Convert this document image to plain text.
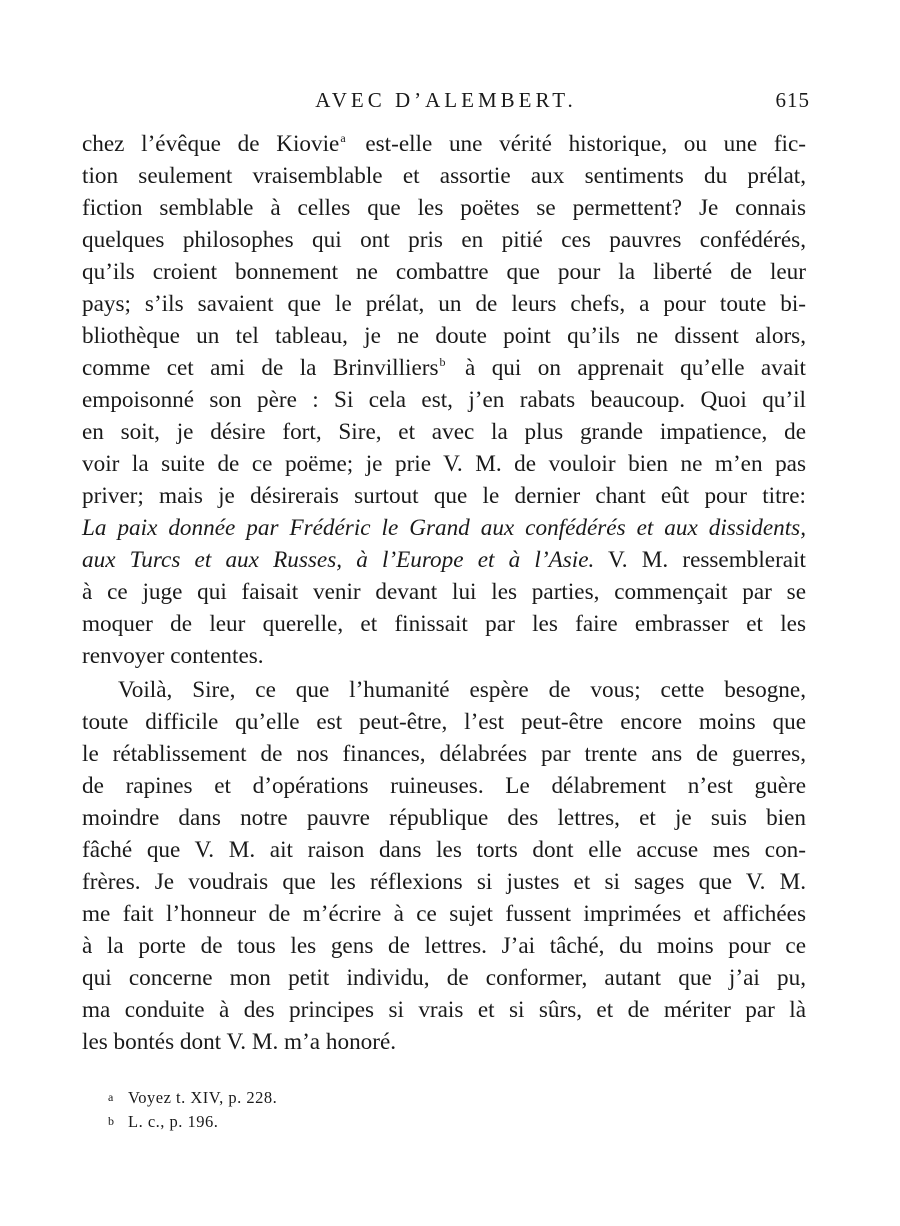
AVEC D’ALEMBERT.	615
chez l’évêque de Kiovie$^a$ est-elle une vérité historique, ou une fic-
tion seulement vraisemblable et assortie aux sentiments du prélat,
fiction semblable à celles que les poëtes se permettent? Je connais
quelques philosophes qui ont pris en pitié ces pauvres confédérés,
qu’ils croient bonnement ne combattre que pour la liberté de leur
pays; s’ils savaient que le prélat, un de leurs chefs, a pour toute bi-
bliothèque un tel tableau, je ne doute point qu’ils ne dissent alors,
comme cet ami de la Brinvilliers$^b$ à qui on apprenait qu’elle avait
empoisonné son père : Si cela est, j’en rabats beaucoup. Quoi qu’il
en soit, je désire fort, Sire, et avec la plus grande impatience, de
voir la suite de ce poëme; je prie V. M. de vouloir bien ne m’en pas
priver; mais je désirerais surtout que le dernier chant eût pour titre:
La paix donnée par Frédéric le Grand aux confédérés et aux dissidents,
aux Turcs et aux Russes, à l’Europe et à l’Asie. V. M. ressemblerait
à ce juge qui faisait venir devant lui les parties, commençait par se
moquer de leur querelle, et finissait par les faire embrasser et les
renvoyer contentes.
Voilà, Sire, ce que l’humanité espère de vous; cette besogne,
toute difficile qu’elle est peut-être, l’est peut-être encore moins que
le rétablissement de nos finances, délabrées par trente ans de guerres,
de rapines et d’opérations ruineuses. Le délabrement n’est guère
moindre dans notre pauvre république des lettres, et je suis bien
fâché que V. M. ait raison dans les torts dont elle accuse mes con-
frères. Je voudrais que les réflexions si justes et si sages que V. M.
me fait l’honneur de m’écrire à ce sujet fussent imprimées et affichées
à la porte de tous les gens de lettres. J’ai tâché, du moins pour ce
qui concerne mon petit individu, de conformer, autant que j’ai pu,
ma conduite à des principes si vrais et si sûrs, et de mériter par là
les bontés dont V. M. m’a honoré.
a Voyez t. XIV, p. 228.
b L. c., p. 196.
